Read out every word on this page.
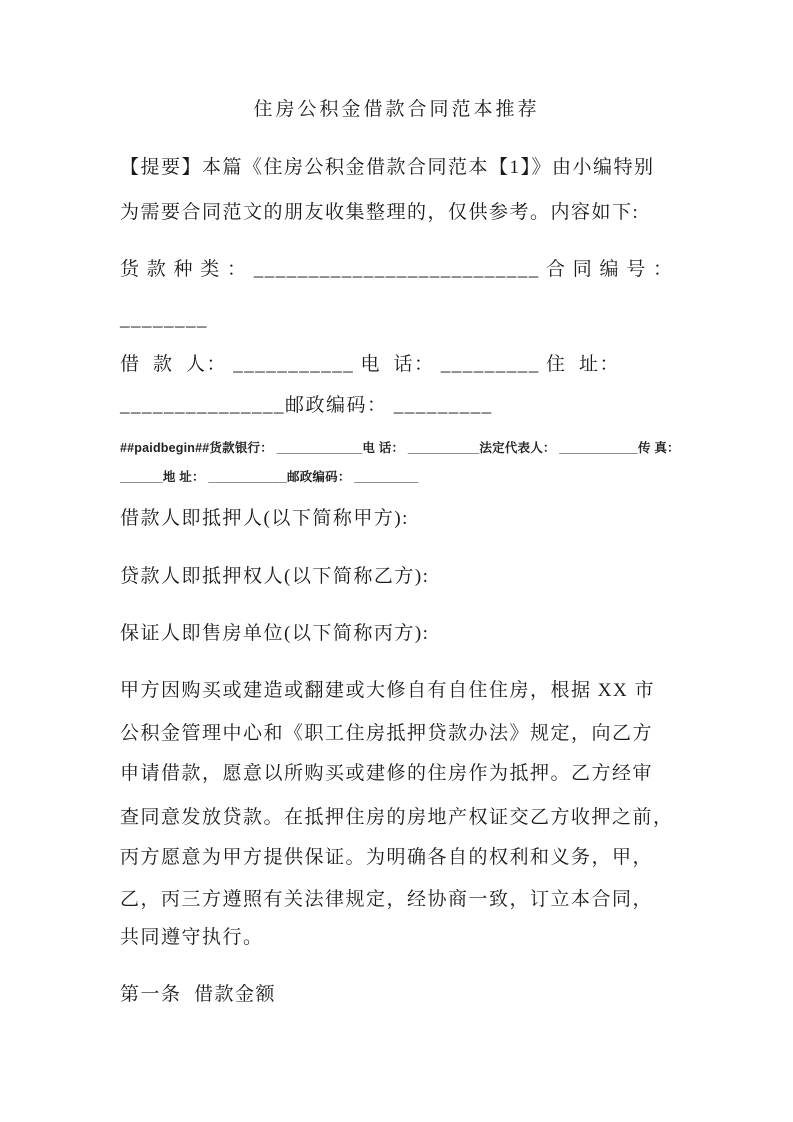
住房公积金借款合同范本推荐
【提要】本篇《住房公积金借款合同范本【1】》由小编特别
为需要合同范文的朋友收集整理的，仅供参考。内容如下:
货 款 种 类 ： __________________________ 合 同 编 号 ：
________
借  款  人： ___________ 电  话： _________ 住  址：
_______________邮政编码： _________
##paidbegin##货款银行： ____________电 话： __________法定代表人： ___________传 真：
______地 址： ___________邮政编码： _________
借款人即抵押人(以下简称甲方):
贷款人即抵押权人(以下简称乙方):
保证人即售房单位(以下简称丙方):
甲方因购买或建造或翻建或大修自有自住住房，根据 XX 市
公积金管理中心和《职工住房抵押贷款办法》规定，向乙方
申请借款，愿意以所购买或建修的住房作为抵押。乙方经审
查同意发放贷款。在抵押住房的房地产权证交乙方收押之前，
丙方愿意为甲方提供保证。为明确各自的权利和义务，甲，
乙，丙三方遵照有关法律规定，经协商一致，订立本合同，
共同遵守执行。
第一条  借款金额
